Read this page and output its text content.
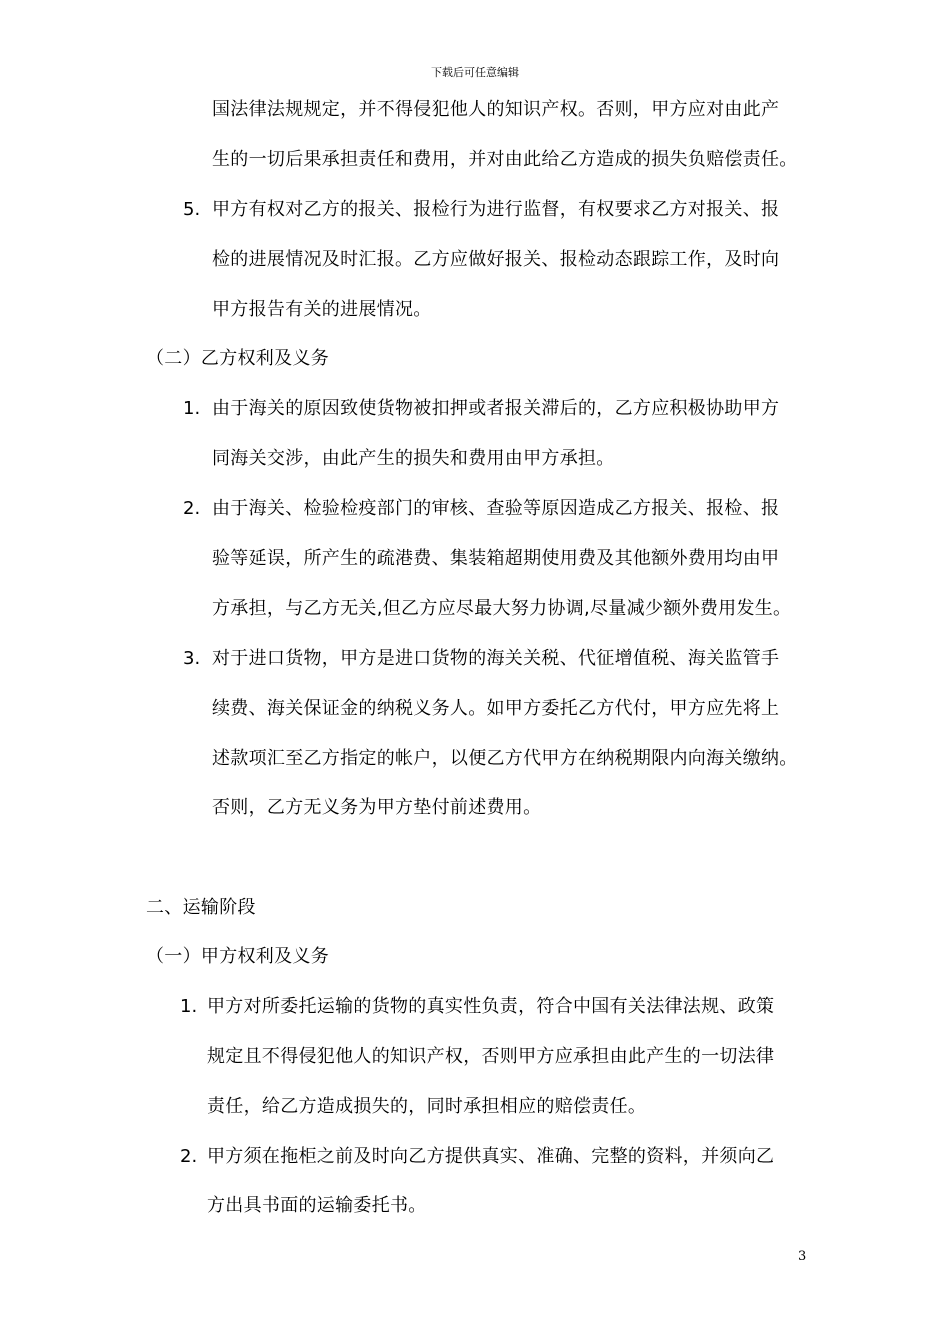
下载后可任意编辑
国法律法规规定，并不得侵犯他人的知识产权。否则，甲方应对由此产
生的一切后果承担责任和费用，并对由此给乙方造成的损失负赔偿责任。
5. 甲方有权对乙方的报关、报检行为进行监督，有权要求乙方对报关、报
检的进展情况及时汇报。乙方应做好报关、报检动态跟踪工作，及时向
甲方报告有关的进展情况。
（二）乙方权利及义务
1. 由于海关的原因致使货物被扣押或者报关滞后的，乙方应积极协助甲方
同海关交涉，由此产生的损失和费用由甲方承担。
2. 由于海关、检验检疫部门的审核、查验等原因造成乙方报关、报检、报
验等延误，所产生的疏港费、集装箱超期使用费及其他额外费用均由甲
方承担，与乙方无关,但乙方应尽最大努力协调,尽量减少额外费用发生。
3. 对于进口货物，甲方是进口货物的海关关税、代征增值税、海关监管手
续费、海关保证金的纳税义务人。如甲方委托乙方代付，甲方应先将上
述款项汇至乙方指定的帐户，以便乙方代甲方在纳税期限内向海关缴纳。
否则，乙方无义务为甲方垫付前述费用。
二、运输阶段
（一）甲方权利及义务
1. 甲方对所委托运输的货物的真实性负责，符合中国有关法律法规、政策
规定且不得侵犯他人的知识产权，否则甲方应承担由此产生的一切法律
责任，给乙方造成损失的，同时承担相应的赔偿责任。
2. 甲方须在拖柜之前及时向乙方提供真实、准确、完整的资料，并须向乙
方出具书面的运输委托书。
3
